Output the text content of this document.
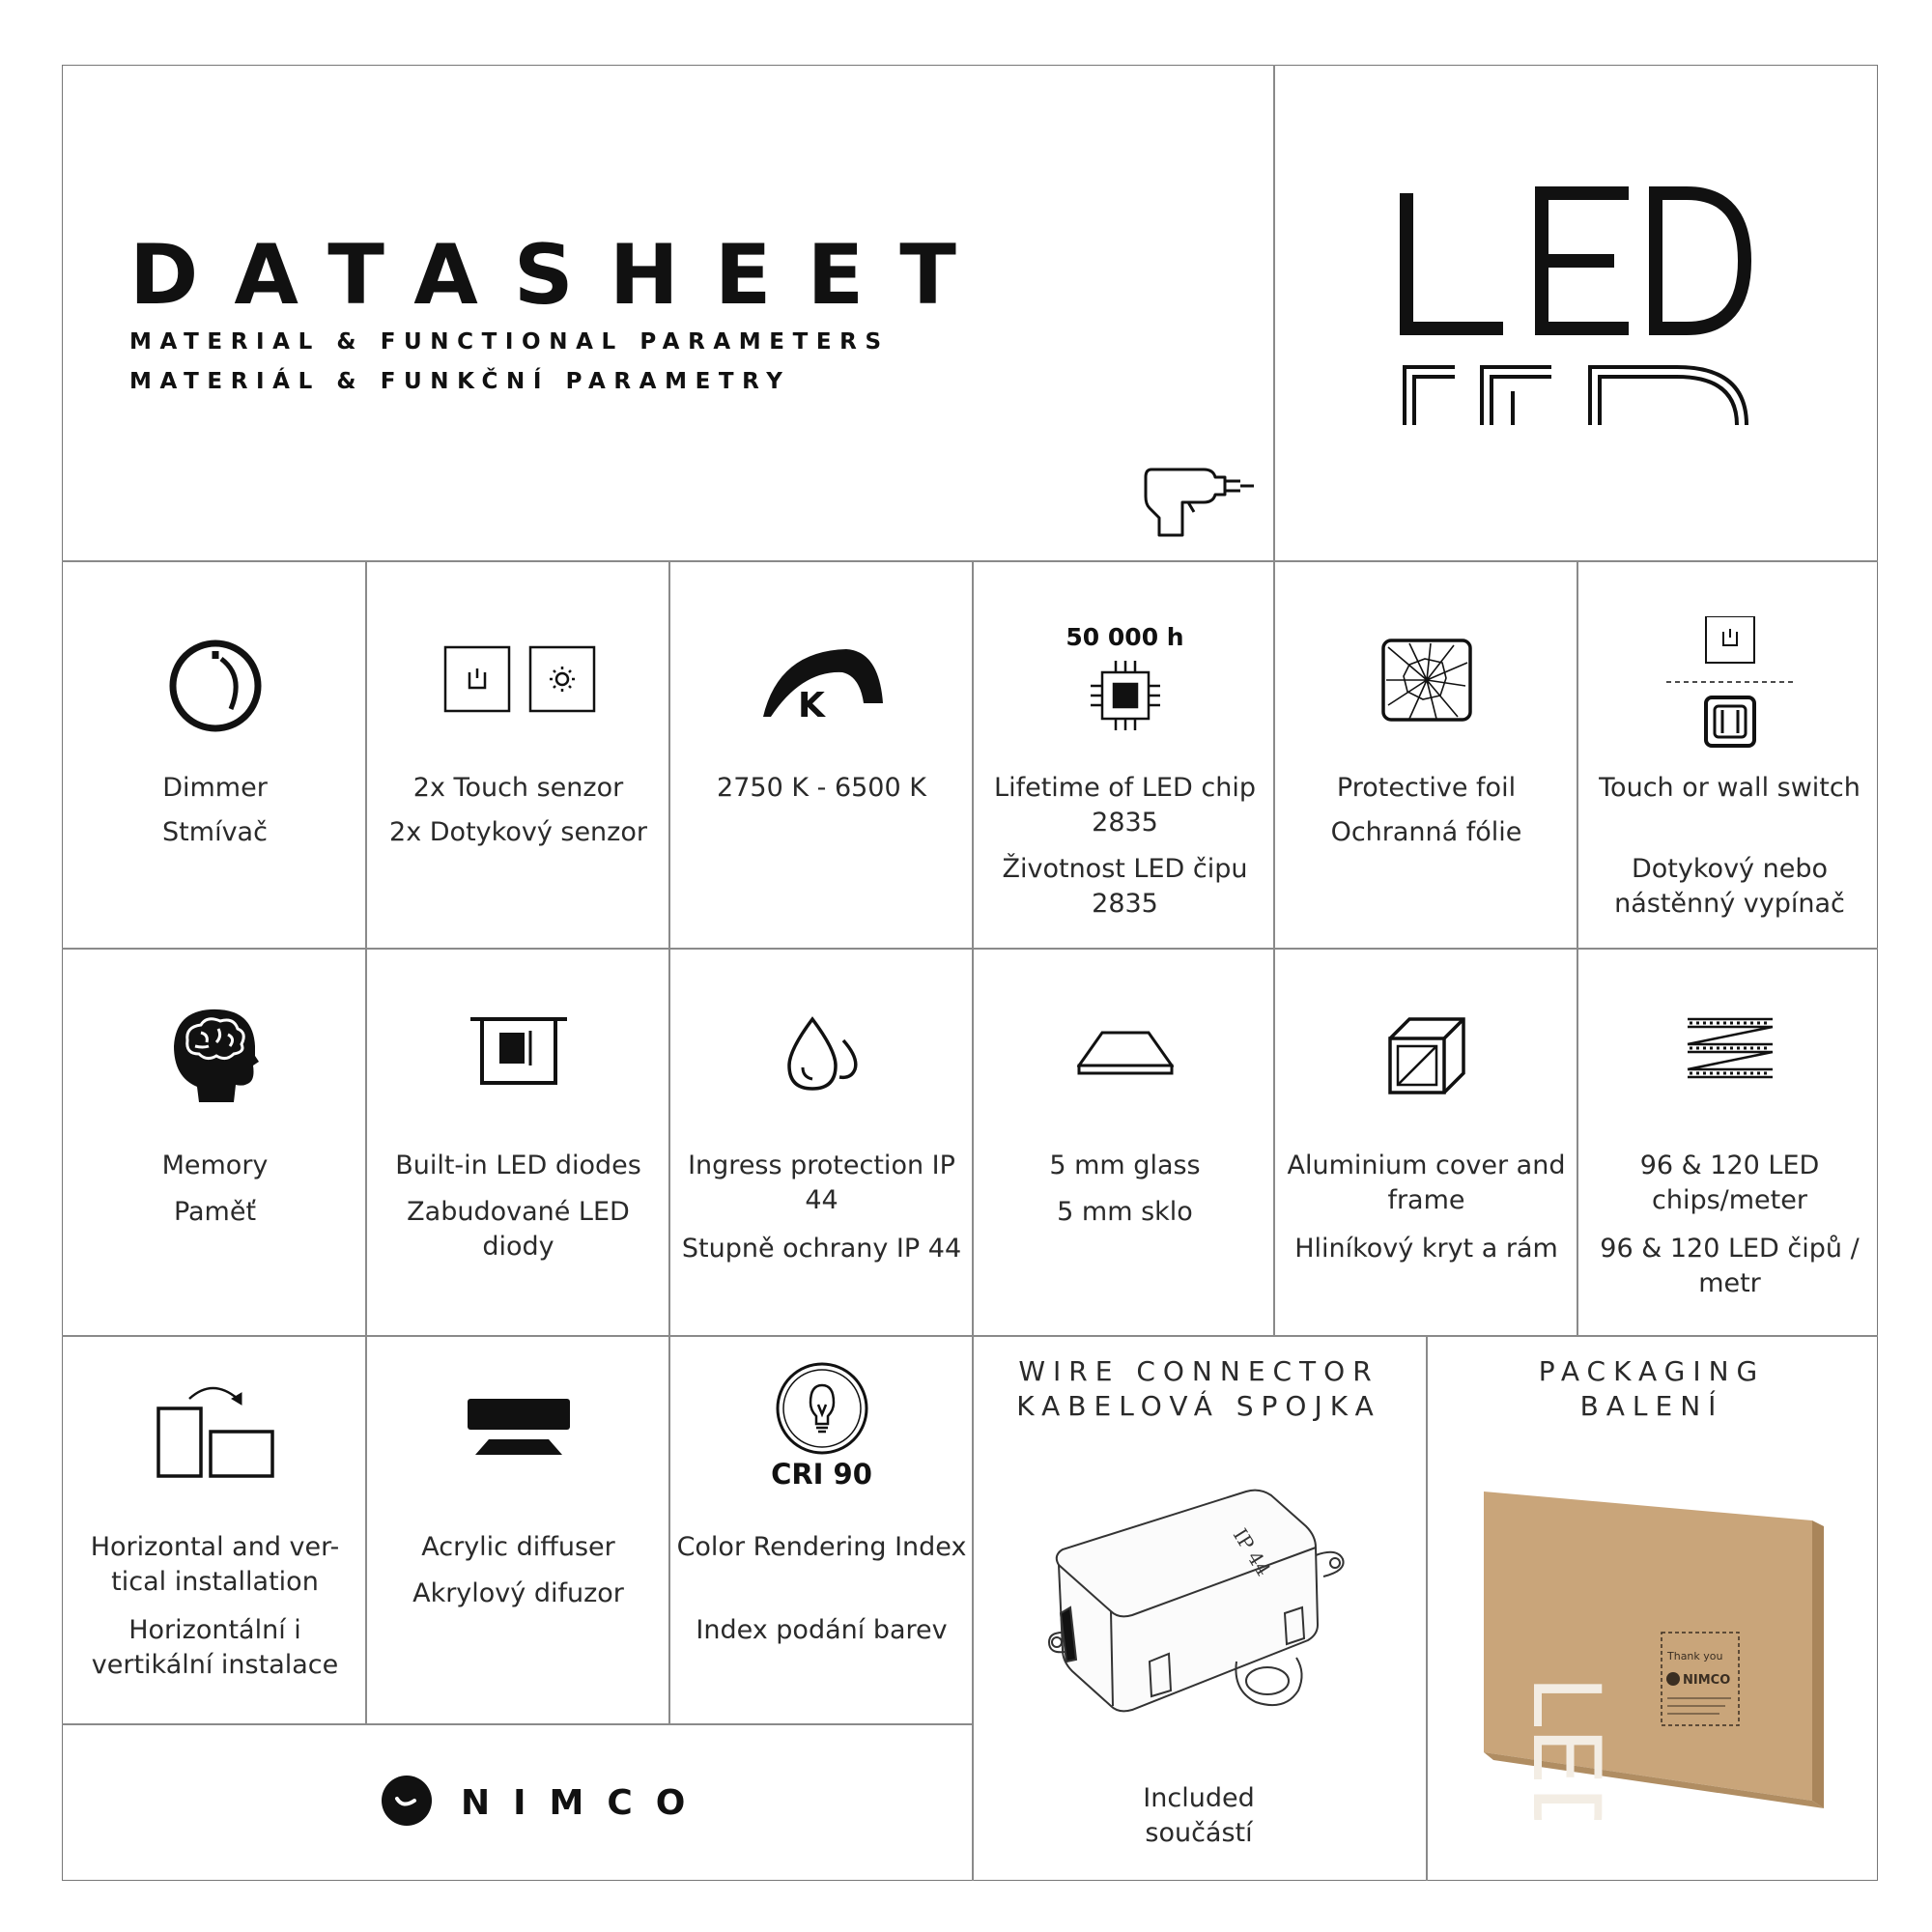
DATASHEET
MATERIAL & FUNCTIONAL PARAMETERS
MATERIÁL & FUNKČNÍ PARAMETRY
LED
Dimmer
Stmívač
2x Touch senzor
2x Dotykový senzor
K
2750 K - 6500 K
50 000 h
Lifetime of LED chip 2835
Životnost LED čipu 2835
Protective foil
Ochranná fólie
Touch or wall switch
Dotykový nebo nástěnný vypínač
Memory
Paměť
Built-in LED diodes
Zabudované LED diody
Ingress protection IP 44
Stupně ochrany IP 44
5 mm glass
5 mm sklo
Aluminium cover and frame
Hliníkový kryt a rám
96 & 120 LED chips/meter
96 & 120 LED čipů / metr
Horizontal and ver-tical installation
Horizontální i vertikální instalace
Acrylic diffuser
Akrylový difuzor
CRI 90
Color Rendering Index
Index podání barev
WIRE CONNECTOR
KABELOVÁ SPOJKA
IP 44
Included
součástí
PACKAGING
BALENÍ
LED
Thank you
NIMCO
NIMCO
